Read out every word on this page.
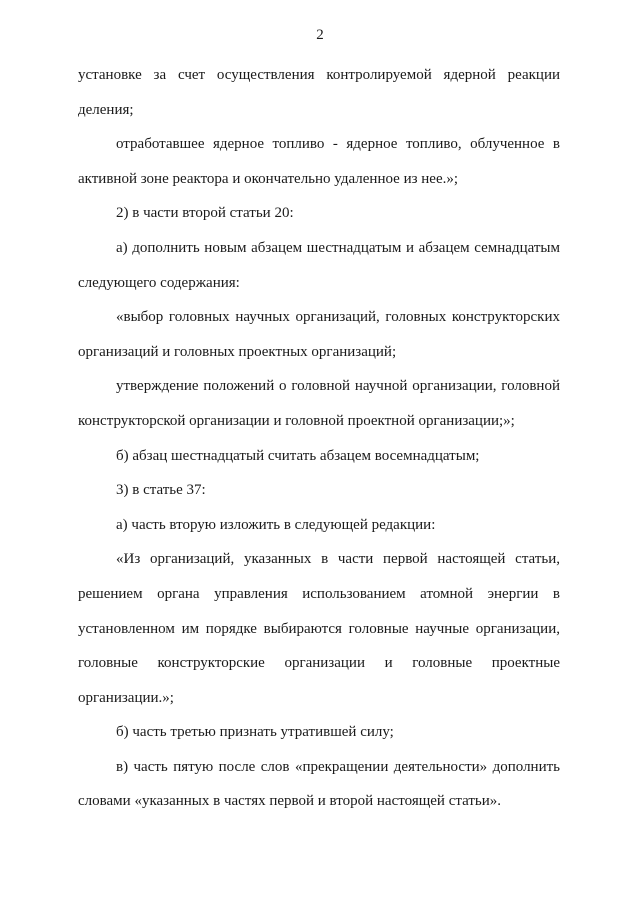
2

установке за счет осуществления контролируемой ядерной реакции деления;

отработавшее ядерное топливо - ядерное топливо, облученное в активной зоне реактора и окончательно удаленное из нее.»;

2) в части второй статьи 20:

а) дополнить новым абзацем шестнадцатым и абзацем семнадцатым следующего содержания:

«выбор головных научных организаций, головных конструкторских организаций и головных проектных организаций;

утверждение положений о головной научной организации, головной конструкторской организации и головной проектной организации;»;

б) абзац шестнадцатый считать абзацем восемнадцатым;

3) в статье 37:

а) часть вторую изложить в следующей редакции:

«Из организаций, указанных в части первой настоящей статьи, решением органа управления использованием атомной энергии в установленном им порядке выбираются головные научные организации, головные конструкторские организации и головные проектные организации.»;

б) часть третью признать утратившей силу;

в) часть пятую после слов «прекращении деятельности» дополнить словами «указанных в частях первой и второй настоящей статьи».
